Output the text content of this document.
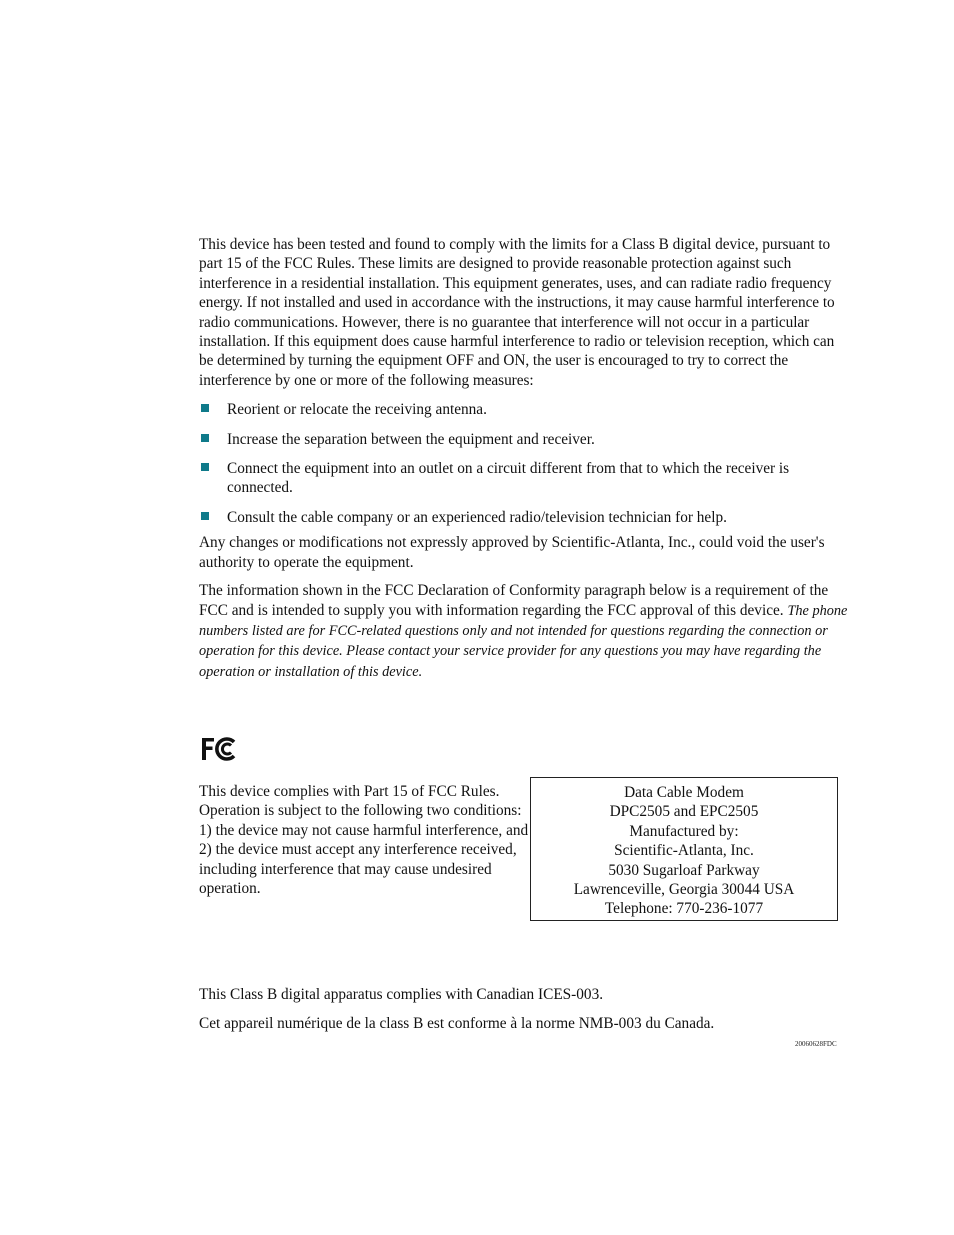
This device has been tested and found to comply with the limits for a Class B digital device, pursuant to part 15 of the FCC Rules. These limits are designed to provide reasonable protection against such interference in a residential installation. This equipment generates, uses, and can radiate radio frequency energy. If not installed and used in accordance with the instructions, it may cause harmful interference to radio communications. However, there is no guarantee that interference will not occur in a particular installation. If this equipment does cause harmful interference to radio or television reception, which can be determined by turning the equipment OFF and ON, the user is encouraged to try to correct the interference by one or more of the following measures:

Reorient or relocate the receiving antenna.
Increase the separation between the equipment and receiver.
Connect the equipment into an outlet on a circuit different from that to which the receiver is connected.
Consult the cable company or an experienced radio/television technician for help.

Any changes or modifications not expressly approved by Scientific-Atlanta, Inc., could void the user's authority to operate the equipment.

The information shown in the FCC Declaration of Conformity paragraph below is a requirement of the FCC and is intended to supply you with information regarding the FCC approval of this device. The phone numbers listed are for FCC-related questions only and not intended for questions regarding the connection or operation for this device. Please contact your service provider for any questions you may have regarding the operation or installation of this device.

This device complies with Part 15 of FCC Rules. Operation is subject to the following two conditions: 1) the device may not cause harmful interference, and 2) the device must accept any interference received, including interference that may cause undesired operation.
Data Cable Modem
DPC2505 and EPC2505
Manufactured by:
Scientific-Atlanta, Inc.
5030 Sugarloaf Parkway
Lawrenceville, Georgia 30044 USA
Telephone: 770-236-1077

This Class B digital apparatus complies with Canadian ICES-003.

Cet appareil numérique de la class B est conforme à la norme NMB-003 du Canada.

20060628FDC
